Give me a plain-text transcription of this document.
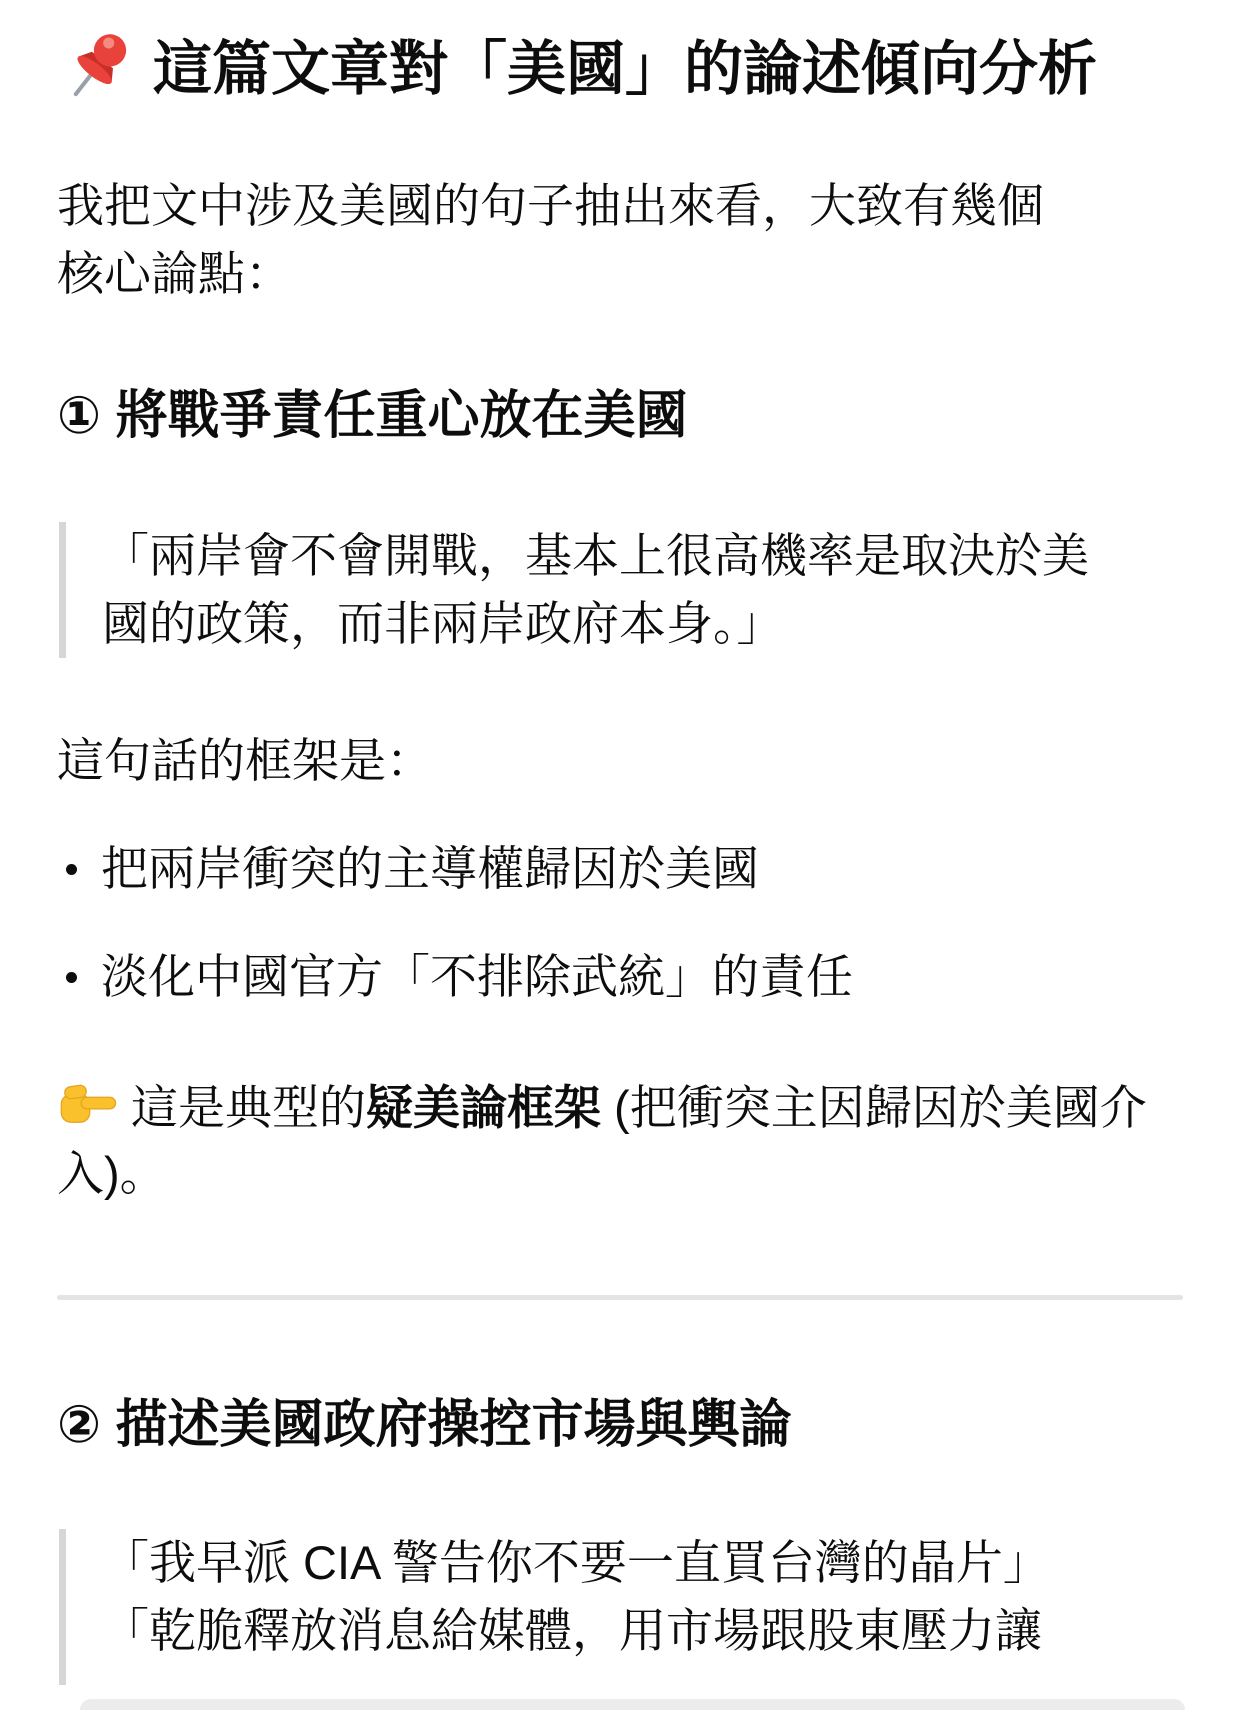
這篇文章對「美國」的論述傾向分析

我把文中涉及美國的句子抽出來看，大致有幾個
核心論點：

① 將戰爭責任重心放在美國
「兩岸會不會開戰，基本上很高機率是取決於美
國的政策，而非兩岸政府本身。」

這句話的框架是：

把兩岸衝突的主導權歸因於美國
淡化中國官方「不排除武統」的責任

這是典型的疑美論框架 (把衝突主因歸因於美國介入)。

② 描述美國政府操控市場與輿論
「我早派 CIA 警告你不要一直買台灣的晶片」
「乾脆釋放消息給媒體，用市場跟股東壓力讓
